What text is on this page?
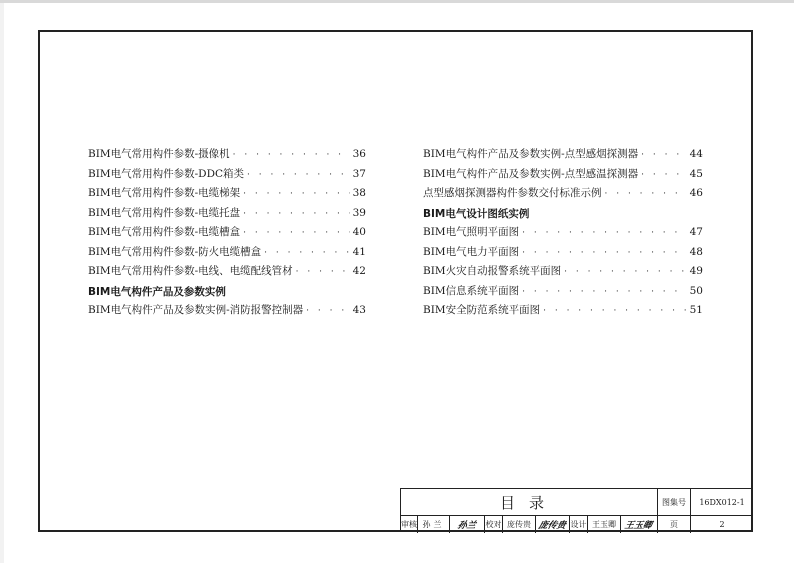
BIM电气常用构件参数-摄像机 · · ·	36
BIM电气常用构件参数-DDC箱类 · · ·	37
BIM电气常用构件参数-电缆梯架 · · ·	38
BIM电气常用构件参数-电缆托盘 · · ·	39
BIM电气常用构件参数-电缆槽盒 · · ·	40
BIM电气常用构件参数-防火电缆槽盒 · · ·	41
BIM电气常用构件参数-电线、电缆配线管材 · · ·	42
BIM电气构件产品及参数实例
BIM电气构件产品及参数实例-消防报警控制器 · · ·	43
BIM电气构件产品及参数实例-点型感烟探测器 · · ·	44
BIM电气构件产品及参数实例-点型感温探测器 · · ·	45
点型感烟探测器构件参数交付标准示例 · · ·	46
BIM电气设计图纸实例
BIM电气照明平面图 · · ·	47
BIM电气电力平面图 · · ·	48
BIM火灾自动报警系统平面图 · · ·	49
BIM信息系统平面图 · · ·	50
BIM安全防范系统平面图 · · ·	51
目录	图集号	16DX012-1
审核 孙兰	孙兰 校对 庞传贵 庞传贵 设计 王玉卿 王玉卿	页	2
